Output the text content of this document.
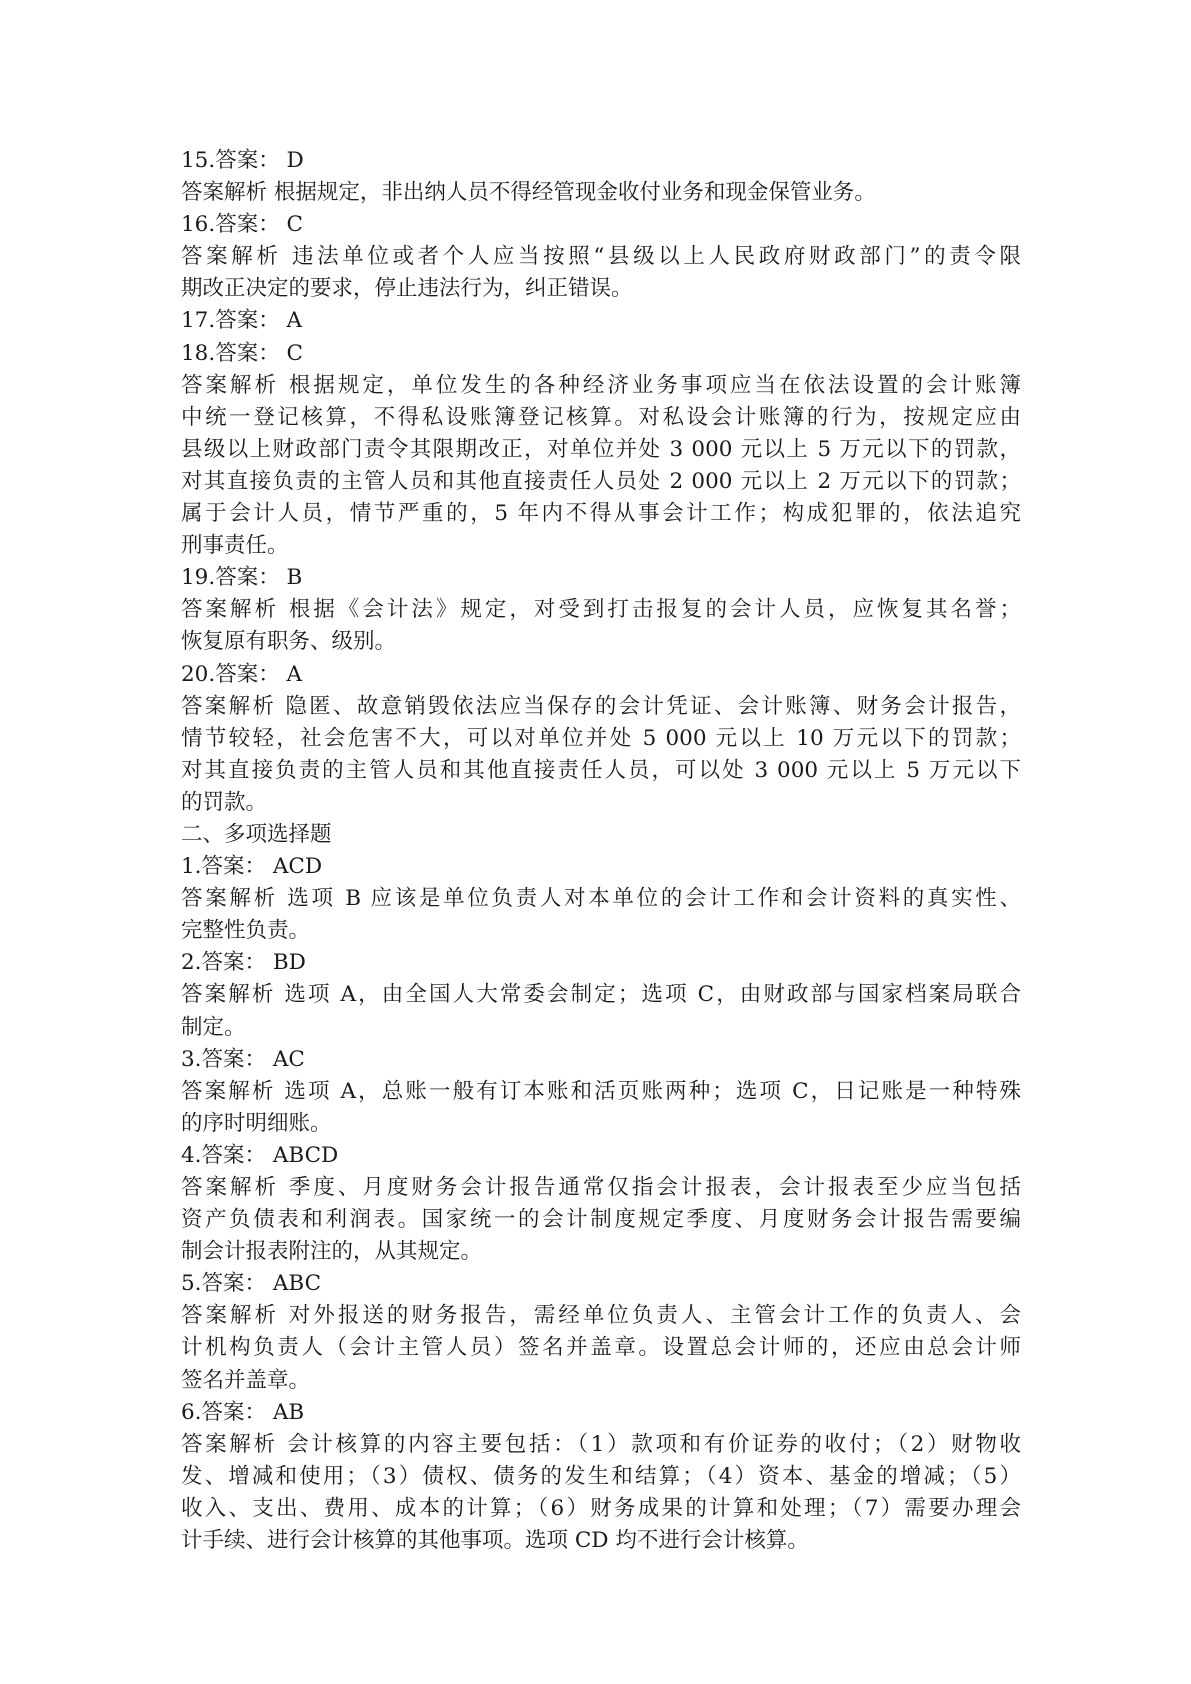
15.答案： D
答案解析 根据规定，非出纳人员不得经管现金收付业务和现金保管业务。
16.答案： C
答案解析 违法单位或者个人应当按照“县级以上人民政府财政部门”的责令限
期改正决定的要求，停止违法行为，纠正错误。
17.答案： A
18.答案： C
答案解析 根据规定，单位发生的各种经济业务事项应当在依法设置的会计账簿
中统一登记核算，不得私设账簿登记核算。对私设会计账簿的行为，按规定应由
县级以上财政部门责令其限期改正，对单位并处 3 000 元以上 5 万元以下的罚款，
对其直接负责的主管人员和其他直接责任人员处 2 000 元以上 2 万元以下的罚款；
属于会计人员，情节严重的，5 年内不得从事会计工作；构成犯罪的，依法追究
刑事责任。
19.答案： B
答案解析 根据《会计法》规定，对受到打击报复的会计人员，应恢复其名誉；
恢复原有职务、级别。
20.答案： A
答案解析 隐匿、故意销毁依法应当保存的会计凭证、会计账簿、财务会计报告，
情节较轻，社会危害不大，可以对单位并处 5 000 元以上 10 万元以下的罚款；
对其直接负责的主管人员和其他直接责任人员，可以处 3 000 元以上 5 万元以下
的罚款。
二、多项选择题
1.答案： ACD
答案解析 选项 B 应该是单位负责人对本单位的会计工作和会计资料的真实性、
完整性负责。
2.答案： BD
答案解析 选项 A，由全国人大常委会制定；选项 C，由财政部与国家档案局联合
制定。
3.答案： AC
答案解析 选项 A，总账一般有订本账和活页账两种；选项 C，日记账是一种特殊
的序时明细账。
4.答案： ABCD
答案解析 季度、月度财务会计报告通常仅指会计报表，会计报表至少应当包括
资产负债表和利润表。国家统一的会计制度规定季度、月度财务会计报告需要编
制会计报表附注的，从其规定。
5.答案： ABC
答案解析 对外报送的财务报告，需经单位负责人、主管会计工作的负责人、会
计机构负责人（会计主管人员）签名并盖章。设置总会计师的，还应由总会计师
签名并盖章。
6.答案： AB
答案解析 会计核算的内容主要包括：（1）款项和有价证券的收付；（2）财物收
发、增减和使用；（3）债权、债务的发生和结算；（4）资本、基金的增减；（5）
收入、支出、费用、成本的计算；（6）财务成果的计算和处理；（7）需要办理会
计手续、进行会计核算的其他事项。选项 CD 均不进行会计核算。
